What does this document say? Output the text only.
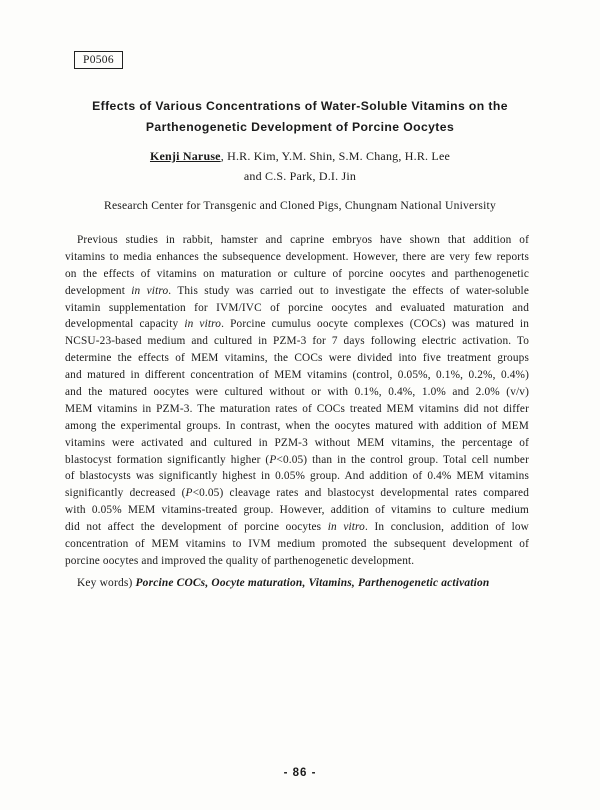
P0506
Effects of Various Concentrations of Water-Soluble Vitamins on the
Parthenogenetic Development of Porcine Oocytes
Kenji Naruse, H.R. Kim, Y.M. Shin, S.M. Chang, H.R. Lee
and C.S. Park, D.I. Jin
Research Center for Transgenic and Cloned Pigs, Chungnam National University
Previous studies in rabbit, hamster and caprine embryos have shown that addition of
vitamins to media enhances the subsequence development. However, there are very few reports
on the effects of vitamins on maturation or culture of porcine oocytes and parthenogenetic
development in vitro. This study was carried out to investigate the effects of water-soluble
vitamin supplementation for IVM/IVC of porcine oocytes and evaluated maturation and
developmental capacity in vitro. Porcine cumulus oocyte complexes (COCs) was matured in
NCSU-23-based medium and cultured in PZM-3 for 7 days following electric activation. To
determine the effects of MEM vitamins, the COCs were divided into five treatment groups
and matured in different concentration of MEM vitamins (control, 0.05%, 0.1%, 0.2%, 0.4%)
and the matured oocytes were cultured without or with 0.1%, 0.4%, 1.0% and 2.0% (v/v)
MEM vitamins in PZM-3. The maturation rates of COCs treated MEM vitamins did not differ
among the experimental groups. In contrast, when the oocytes matured with addition of MEM
vitamins were activated and cultured in PZM-3 without MEM vitamins, the percentage of
blastocyst formation significantly higher (P<0.05) than in the control group. Total cell number
of blastocysts was significantly highest in 0.05% group. And addition of 0.4% MEM vitamins
significantly decreased (P<0.05) cleavage rates and blastocyst developmental rates compared
with 0.05% MEM vitamins-treated group. However, addition of vitamins to culture medium
did not affect the development of porcine oocytes in vitro. In conclusion, addition of low
concentration of MEM vitamins to IVM medium promoted the subsequent development of
porcine oocytes and improved the quality of parthenogenetic development.
Key words) Porcine COCs, Oocyte maturation, Vitamins, Parthenogenetic activation
- 86 -
